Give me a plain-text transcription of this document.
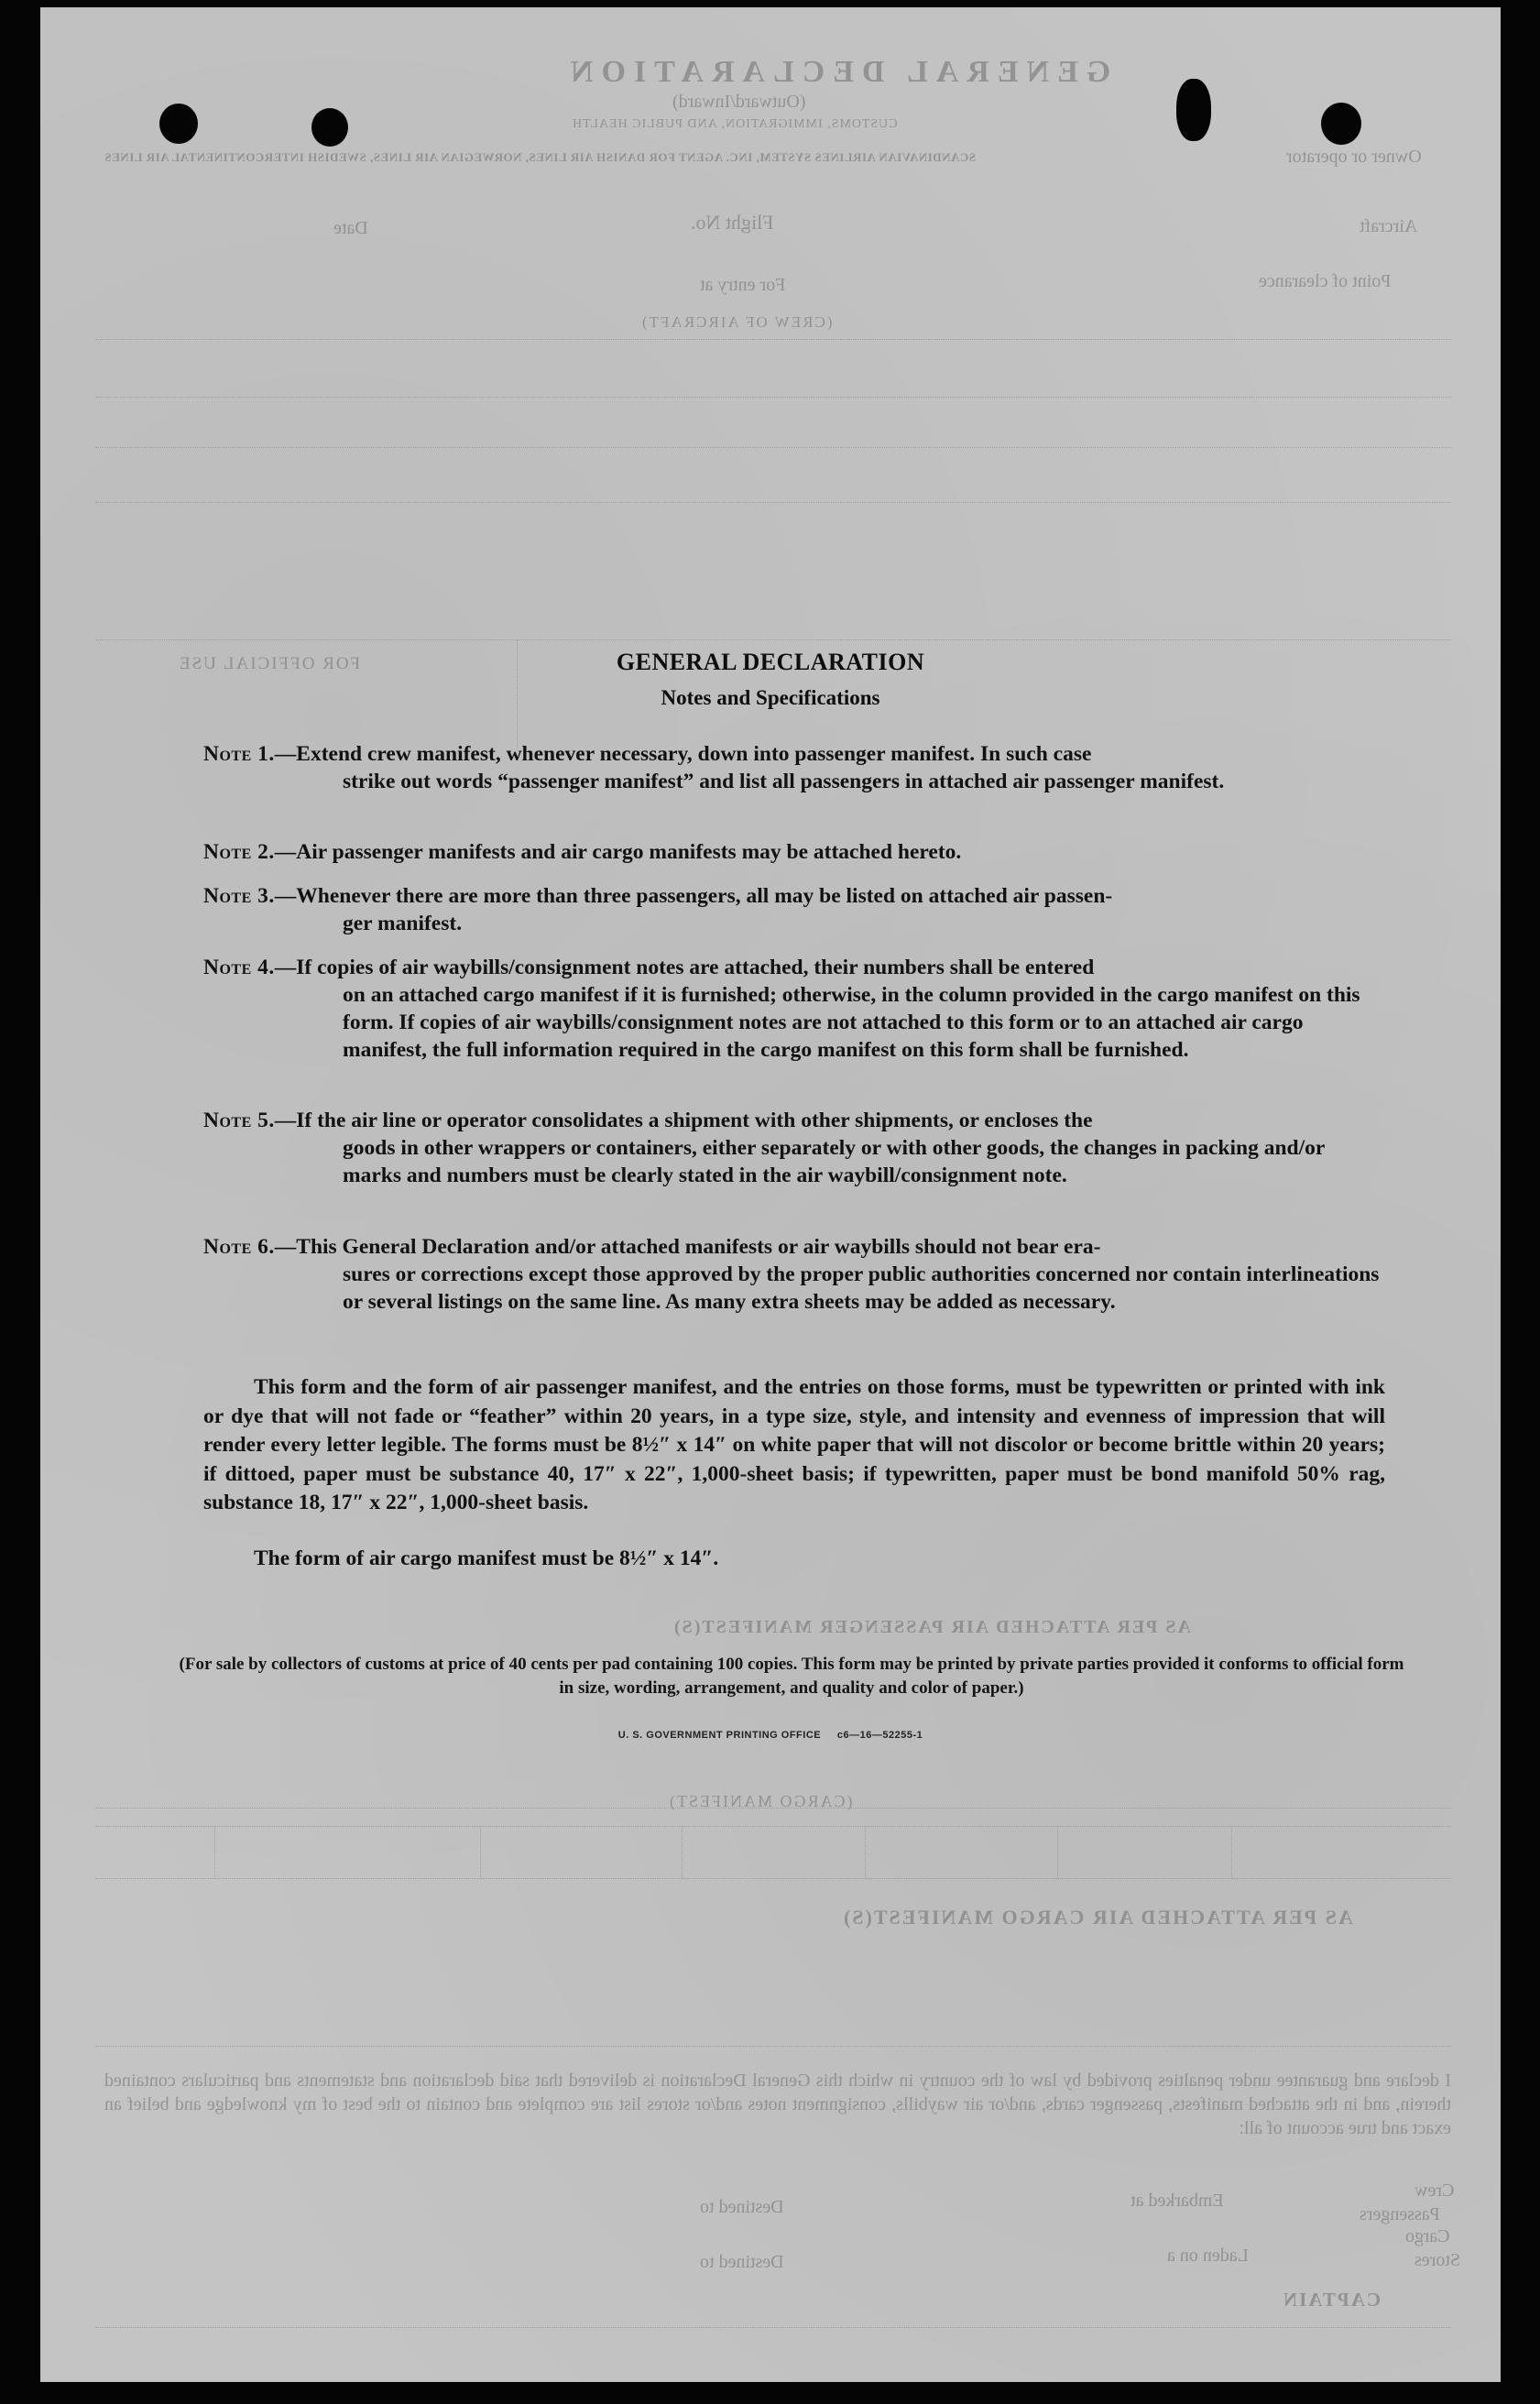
GENERAL DECLARATION
(Outward/Inward)
CUSTOMS, IMMIGRATION, AND PUBLIC HEALTH
SCANDINAVIAN AIRLINES SYSTEM, INC. AGENT FOR DANISH AIR LINES, NORWEGIAN AIR LINES, SWEDISH INTERCONTINENTAL AIR LINES	Owner or operator
Aircraft
Flight No.
Date
Point of clearance
For entry at
(CREW OF AIRCRAFT)
FOR OFFICIAL USE
AS PER ATTACHED AIR PASSENGER MANIFEST(S)
(CARGO MANIFEST)
AS PER ATTACHED AIR CARGO MANIFEST(S)
I declare and guarantee under penalties provided by law of the country in which this General Declaration is delivered that said declaration and statements and particulars contained therein, and in the attached manifests, passenger cards, and/or air waybills, consignment notes and/or stores list are complete and contain to the best of my knowledge and belief an exact and true account of all:
Crew
Passengers
Embarked at
Destined to
Cargo
Laden on a
Destined to	Stores
CAPTAIN
GENERAL DECLARATION
Notes and Specifications
Note 1.—Extend crew manifest, whenever necessary, down into passenger manifest. In such case
strike out words “passenger manifest” and list all passengers in attached air passenger manifest.
Note 2.—Air passenger manifests and air cargo manifests may be attached hereto.
Note 3.—Whenever there are more than three passengers, all may be listed on attached air passen-
ger manifest.
Note 4.—If copies of air waybills/consignment notes are attached, their numbers shall be entered
on an attached cargo manifest if it is furnished; otherwise, in the column provided in the cargo manifest on this form. If copies of air waybills/consignment notes are not attached to this form or to an attached air cargo manifest, the full information required in the cargo manifest on this form shall be furnished.
Note 5.—If the air line or operator consolidates a shipment with other shipments, or encloses the
goods in other wrappers or containers, either separately or with other goods, the changes in packing and/or marks and numbers must be clearly stated in the air waybill/consignment note.
Note 6.—This General Declaration and/or attached manifests or air waybills should not bear era-
sures or corrections except those approved by the proper public authorities concerned nor contain interlineations or several listings on the same line. As many extra sheets may be added as necessary.
This form and the form of air passenger manifest, and the entries on those forms, must be typewritten or printed with ink or dye that will not fade or “feather” within 20 years, in a type size, style, and intensity and evenness of impression that will render every letter legible. The forms must be 8½″ x 14″ on white paper that will not discolor or become brittle within 20 years; if dittoed, paper must be substance 40, 17″ x 22″, 1,000-sheet basis; if typewritten, paper must be bond manifold 50% rag, substance 18, 17″ x 22″, 1,000-sheet basis.
The form of air cargo manifest must be 8½″ x 14″.
(For sale by collectors of customs at price of 40 cents per pad containing 100 copies. This form may be printed by private parties provided it conforms to official form in size, wording, arrangement, and quality and color of paper.)
U. S. GOVERNMENT PRINTING OFFICE     c6—16—52255-1
